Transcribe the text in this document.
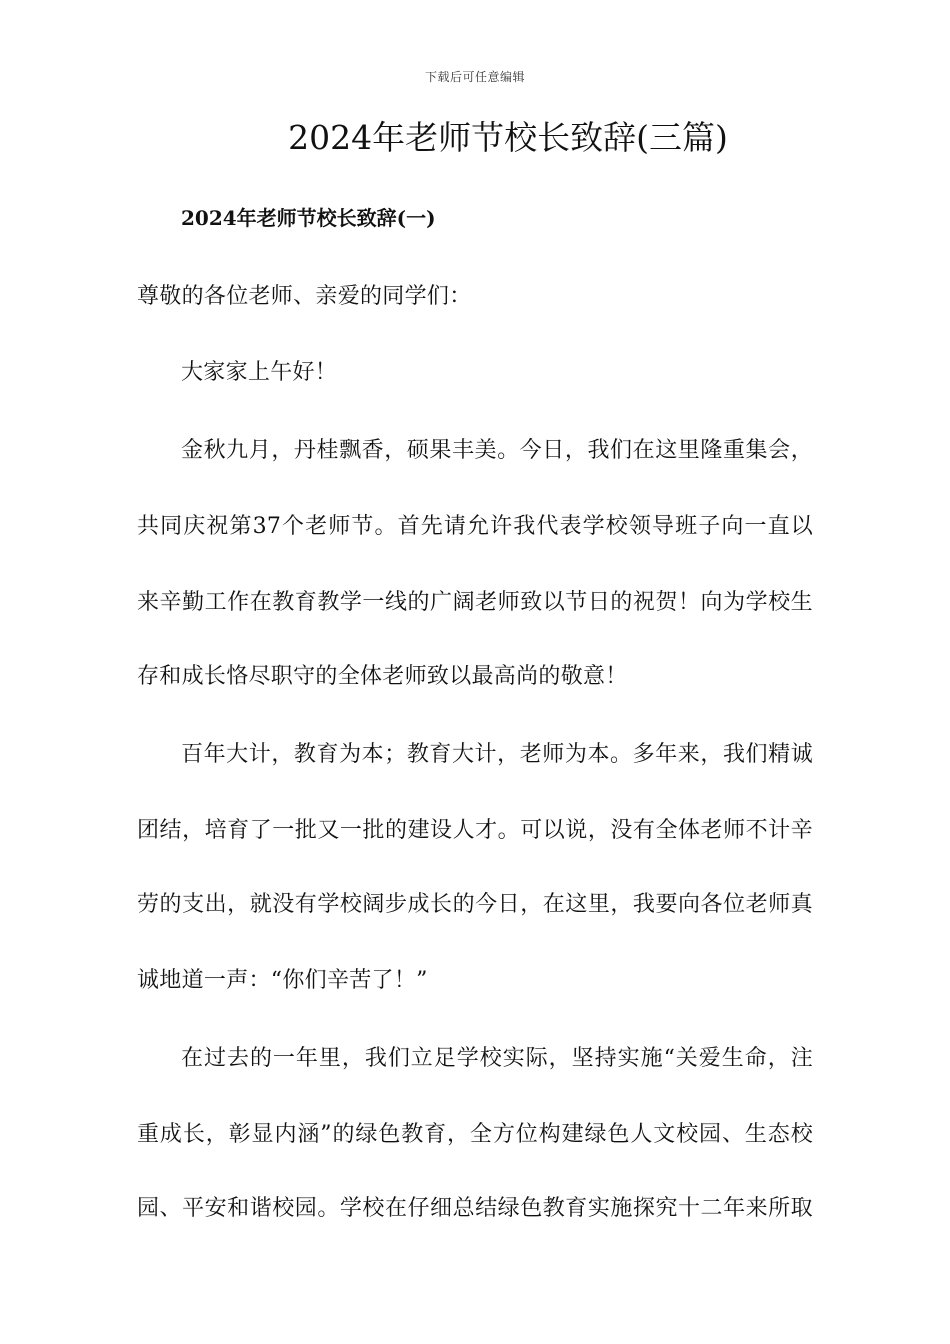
下载后可任意编辑
2024年老师节校长致辞(三篇)
2024年老师节校长致辞(一)
尊敬的各位老师、亲爱的同学们：
大家家上午好！
金秋九月，丹桂飘香，硕果丰美。今日，我们在这里隆重集会，
共同庆祝第37个老师节。首先请允许我代表学校领导班子向一直以
来辛勤工作在教育教学一线的广阔老师致以节日的祝贺！向为学校生
存和成长恪尽职守的全体老师致以最高尚的敬意！
百年大计，教育为本；教育大计，老师为本。多年来，我们精诚
团结，培育了一批又一批的建设人才。可以说，没有全体老师不计辛
劳的支出，就没有学校阔步成长的今日，在这里，我要向各位老师真
诚地道一声：“你们辛苦了！”
在过去的一年里，我们立足学校实际，坚持实施“关爱生命，注
重成长，彰显内涵”的绿色教育，全方位构建绿色人文校园、生态校
园、平安和谐校园。学校在仔细总结绿色教育实施探究十二年来所取
